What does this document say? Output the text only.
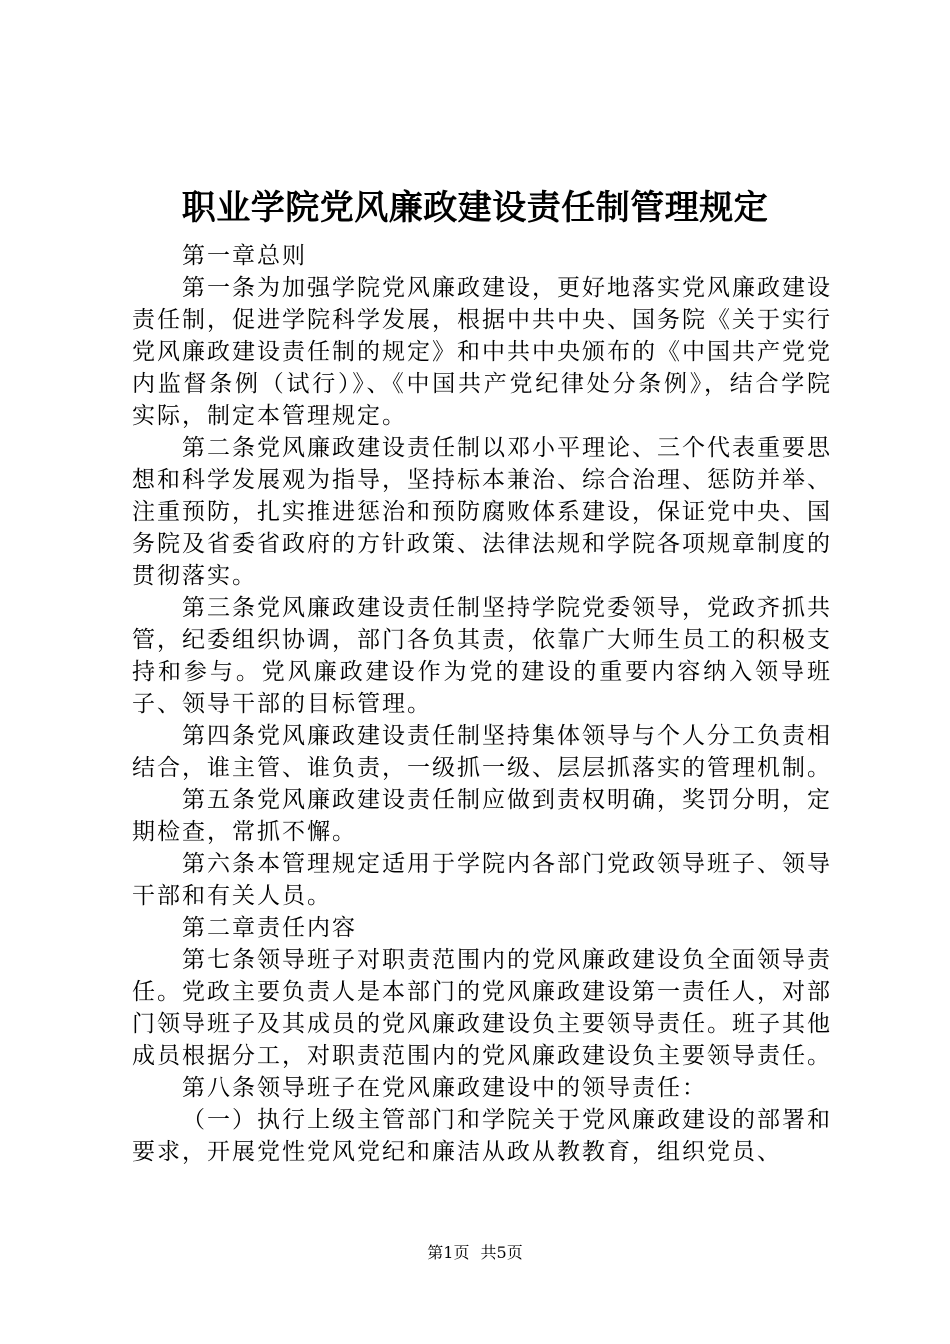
职业学院党风廉政建设责任制管理规定

第一章总则

第一条为加强学院党风廉政建设，更好地落实党风廉政建设责任制，促进学院科学发展，根据中共中央、国务院《关于实行党风廉政建设责任制的规定》和中共中央颁布的《中国共产党党内监督条例（试行）》、《中国共产党纪律处分条例》，结合学院实际，制定本管理规定。

第二条党风廉政建设责任制以邓小平理论、三个代表重要思想和科学发展观为指导，坚持标本兼治、综合治理、惩防并举、注重预防，扎实推进惩治和预防腐败体系建设，保证党中央、国务院及省委省政府的方针政策、法律法规和学院各项规章制度的贯彻落实。

第三条党风廉政建设责任制坚持学院党委领导，党政齐抓共管，纪委组织协调，部门各负其责，依靠广大师生员工的积极支持和参与。党风廉政建设作为党的建设的重要内容纳入领导班子、领导干部的目标管理。

第四条党风廉政建设责任制坚持集体领导与个人分工负责相结合，谁主管、谁负责，一级抓一级、层层抓落实的管理机制。

第五条党风廉政建设责任制应做到责权明确，奖罚分明，定期检查，常抓不懈。

第六条本管理规定适用于学院内各部门党政领导班子、领导干部和有关人员。

第二章责任内容

第七条领导班子对职责范围内的党风廉政建设负全面领导责任。党政主要负责人是本部门的党风廉政建设第一责任人，对部门领导班子及其成员的党风廉政建设负主要领导责任。班子其他成员根据分工，对职责范围内的党风廉政建设负主要领导责任。

第八条领导班子在党风廉政建设中的领导责任：

（一）执行上级主管部门和学院关于党风廉政建设的部署和要求，开展党性党风党纪和廉洁从政从教教育，组织党员、

第1页 共5页
